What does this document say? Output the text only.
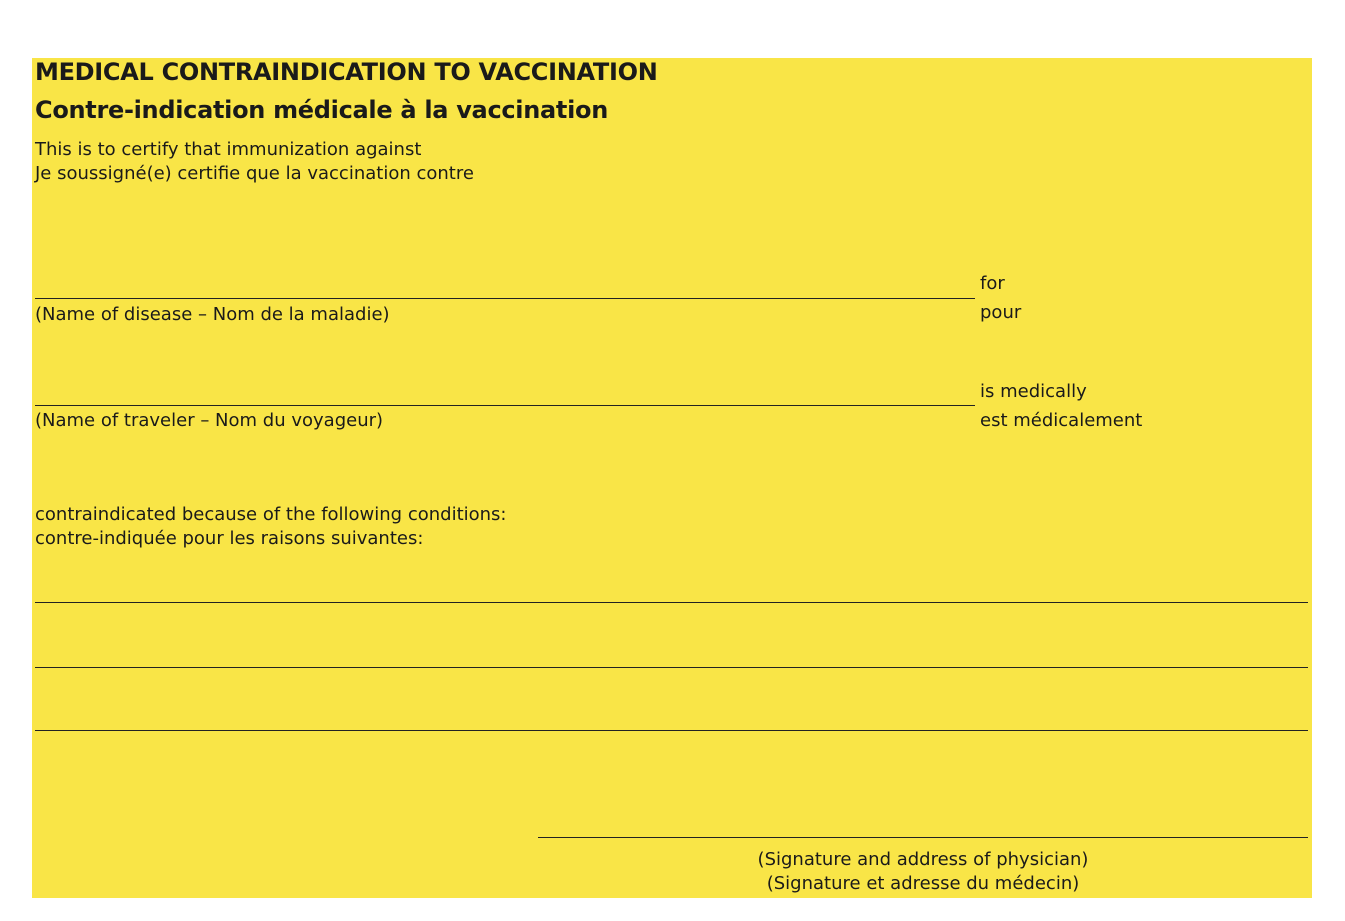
MEDICAL CONTRAINDICATION TO VACCINATION
Contre-indication médicale à la vaccination
This is to certify that immunization against
Je soussigné(e) certifie que la vaccination contre
for
pour
(Name of disease – Nom de la maladie)
is medically
est médicalement
(Name of traveler – Nom du voyageur)
contraindicated because of the following conditions:
contre-indiquée pour les raisons suivantes:
(Signature and address of physician)
(Signature et adresse du médecin)
